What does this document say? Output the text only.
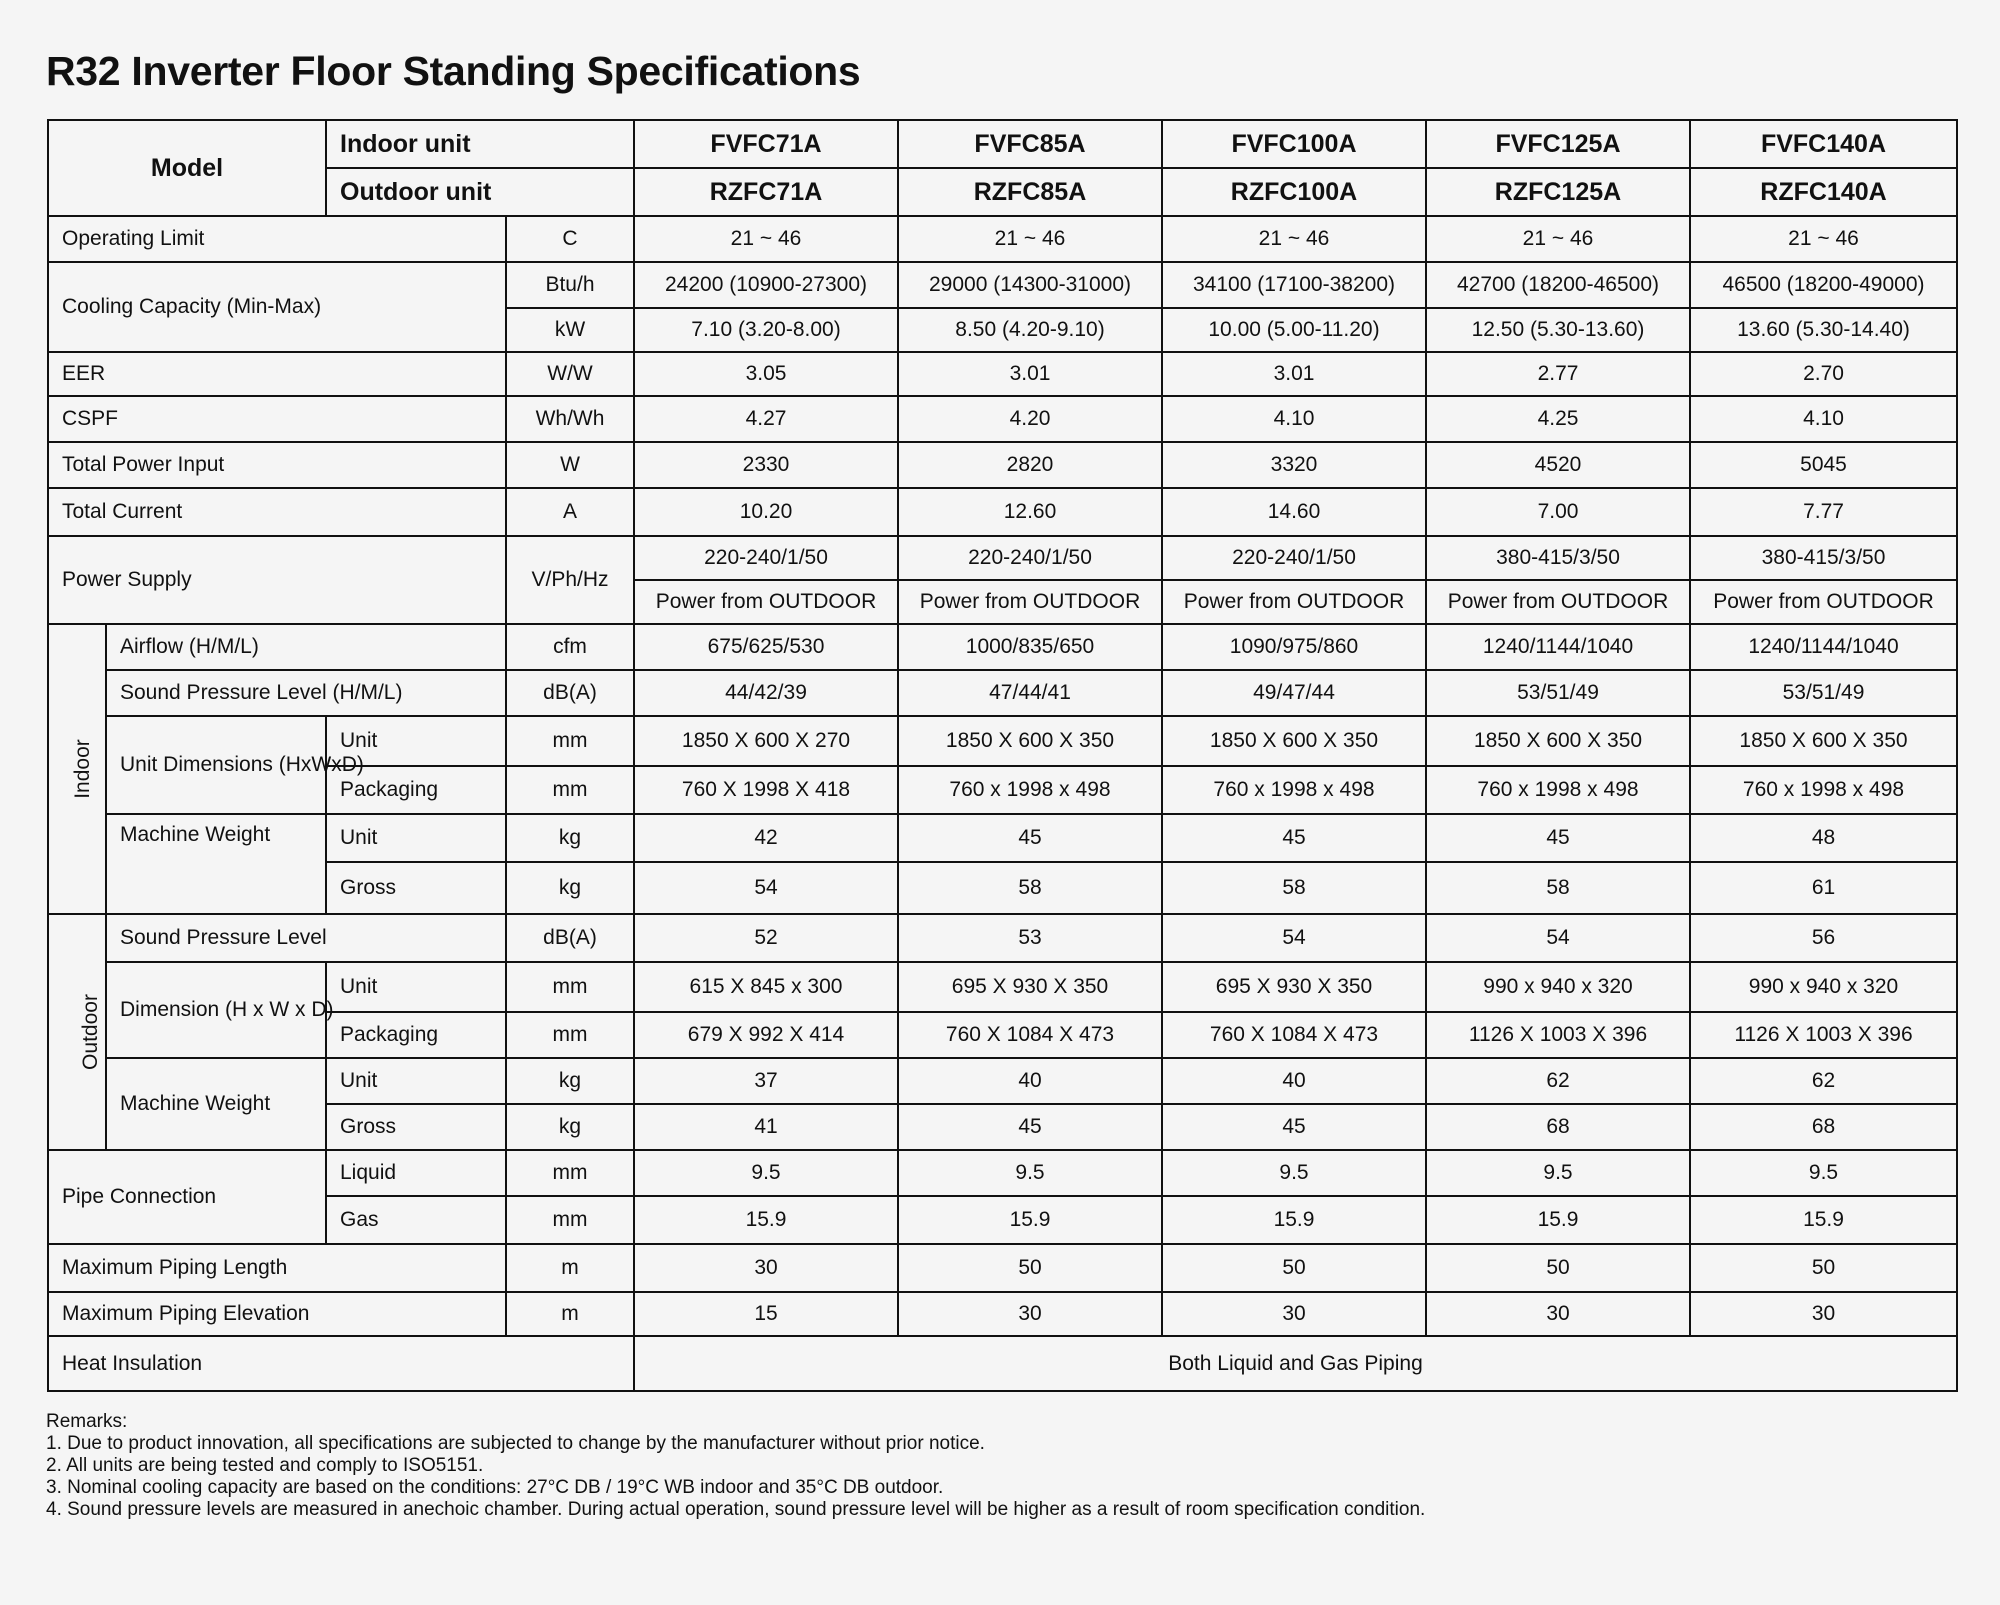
R32 Inverter Floor Standing Specifications
Model		Indoor unit		FVFC71A	FVFC85A	FVFC100A	FVFC125A	FVFC140A
		Outdoor unit		RZFC71A	RZFC85A	RZFC100A	RZFC125A	RZFC140A
Operating Limit			C	21 ~ 46	21 ~ 46	21 ~ 46	21 ~ 46	21 ~ 46
Cooling Capacity (Min-Max)			Btu/h	24200 (10900-27300)	29000 (14300-31000)	34100 (17100-38200)	42700 (18200-46500)	46500 (18200-49000)
			kW	7.10 (3.20-8.00)	8.50 (4.20-9.10)	10.00 (5.00-11.20)	12.50 (5.30-13.60)	13.60 (5.30-14.40)
EER			W/W	3.05	3.01	3.01	2.77	2.70
CSPF			Wh/Wh	4.27	4.20	4.10	4.25	4.10
Total Power Input			W	2330	2820	3320	4520	5045
Total Current			A	10.20	12.60	14.60	7.00	7.77
Power Supply			V/Ph/Hz	220-240/1/50	220-240/1/50	220-240/1/50	380-415/3/50	380-415/3/50
				Power from OUTDOOR	Power from OUTDOOR	Power from OUTDOOR	Power from OUTDOOR	Power from OUTDOOR
Indoor	Airflow (H/M/L)		cfm	675/625/530	1000/835/650	1090/975/860	1240/1144/1040	1240/1144/1040
	Sound Pressure Level (H/M/L)		dB(A)	44/42/39	47/44/41	49/47/44	53/51/49	53/51/49
	Unit Dimensions (HxWxD)	Unit	mm	1850 X 600 X 270	1850 X 600 X 350	1850 X 600 X 350	1850 X 600 X 350	1850 X 600 X 350
		Packaging	mm	760 X 1998 X 418	760 x 1998 x 498	760 x 1998 x 498	760 x 1998 x 498	760 x 1998 x 498
	Machine Weight	Unit	kg	42	45	45	45	48
		Gross	kg	54	58	58	58	61
Outdoor	Sound Pressure Level		dB(A)	52	53	54	54	56
	Dimension (H x W x D)	Unit	mm	615 X 845 x 300	695 X 930 X 350	695 X 930 X 350	990 x 940 x 320	990 x 940 x 320
		Packaging	mm	679 X 992 X 414	760 X 1084 X 473	760 X 1084 X 473	1126 X 1003 X 396	1126 X 1003 X 396
	Machine Weight	Unit	kg	37	40	40	62	62
		Gross	kg	41	45	45	68	68
Pipe Connection		Liquid	mm	9.5	9.5	9.5	9.5	9.5
		Gas	mm	15.9	15.9	15.9	15.9	15.9
Maximum Piping Length			m	30	50	50	50	50
Maximum Piping Elevation			m	15	30	30	30	30
Heat Insulation				Both Liquid and Gas Piping				
Remarks:
1. Due to product innovation, all specifications are subjected to change by the manufacturer without prior notice.
2. All units are being tested and comply to ISO5151.
3. Nominal cooling capacity are based on the conditions: 27°C DB / 19°C WB indoor and 35°C DB outdoor.
4. Sound pressure levels are measured in anechoic chamber. During actual operation, sound pressure level will be higher as a result of room specification condition.
